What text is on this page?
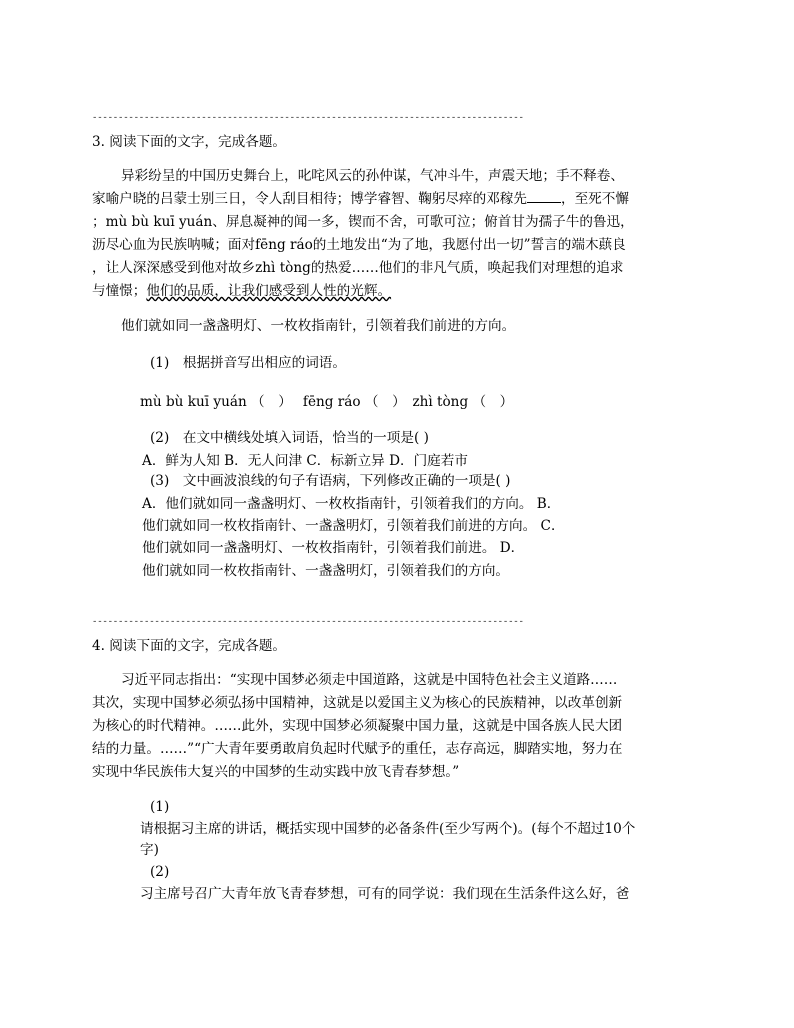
-----------------------------------------------------------------------------------
3. 阅读下面的文字，完成各题。
异彩纷呈的中国历史舞台上，叱咤风云的孙仲谋，气冲斗牛，声震天地；手不释卷、
家喻户晓的吕蒙士别三日，令人刮目相待；博学睿智、鞠躬尽瘁的邓稼先	，至死不懈
；mù bù kuī yuán、屏息凝神的闻一多，锲而不舍，可歌可泣；俯首甘为孺子牛的鲁迅，
沥尽心血为民族呐喊；面对fēng ráo的土地发出“为了地，我愿付出一切”誓言的端木蕻良
，让人深深感受到他对故乡zhì tòng的热爱……他们的非凡气质，唤起我们对理想的追求
与憧憬；他们的品质，让我们感受到人性的光辉。
他们就如同一盏盏明灯、一枚枚指南针，引领着我们前进的方向。
(1)　根据拼音写出相应的词语。
mù bù kuī yuán （　）　 fēng ráo （　）　zhì tòng （　）
(2)　在文中横线处填入词语，恰当的一项是( )
A．鲜为人知 B．无人问津 C．标新立异 D．门庭若市
(3)　文中画波浪线的句子有语病，下列修改正确的一项是( )
A．他们就如同一盏盏明灯、一枚枚指南针，引领着我们的方向。 B．
他们就如同一枚枚指南针、一盏盏明灯，引领着我们前进的方向。 C．
他们就如同一盏盏明灯、一枚枚指南针，引领着我们前进。 D．
他们就如同一枚枚指南针、一盏盏明灯，引领着我们的方向。
-----------------------------------------------------------------------------------
4. 阅读下面的文字，完成各题。
习近平同志指出：“实现中国梦必须走中国道路，这就是中国特色社会主义道路……
其次，实现中国梦必须弘扬中国精神，这就是以爱国主义为核心的民族精神，以改革创新
为核心的时代精神。……此外，实现中国梦必须凝聚中国力量，这就是中国各族人民大团
结的力量。……”“广大青年要勇敢肩负起时代赋予的重任，志存高远，脚踏实地，努力在
实现中华民族伟大复兴的中国梦的生动实践中放飞青春梦想。”
(1)
请根据习主席的讲话，概括实现中国梦的必备条件(至少写两个)。(每个不超过10个
字)
(2)
习主席号召广大青年放飞青春梦想，可有的同学说：我们现在生活条件这么好，爸
